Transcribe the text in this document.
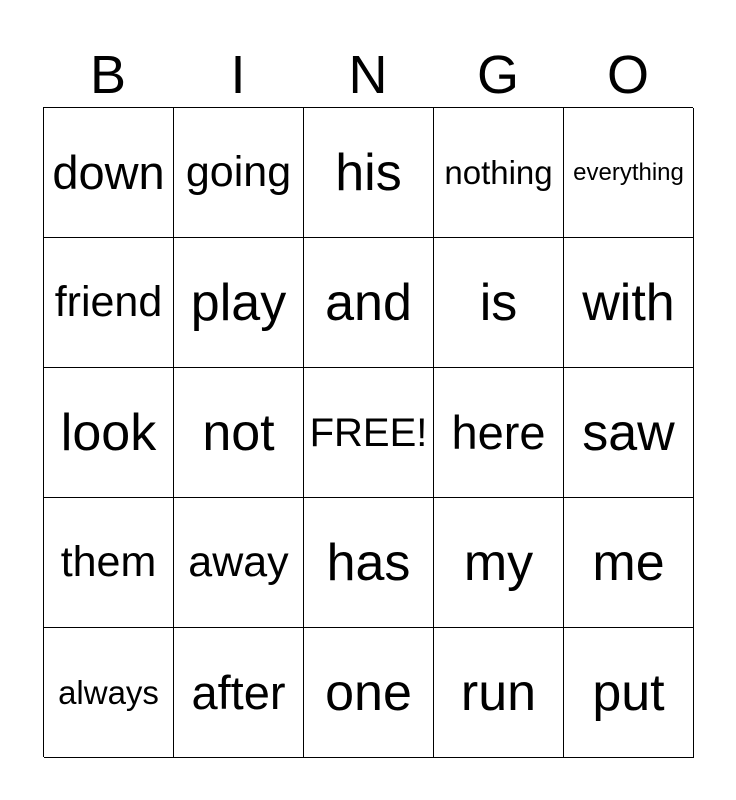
B	I	N	G	O
down going his	nothing everything
friend play and	is	with
look not FREE! here saw
them away has	my	me
always after one run	put
